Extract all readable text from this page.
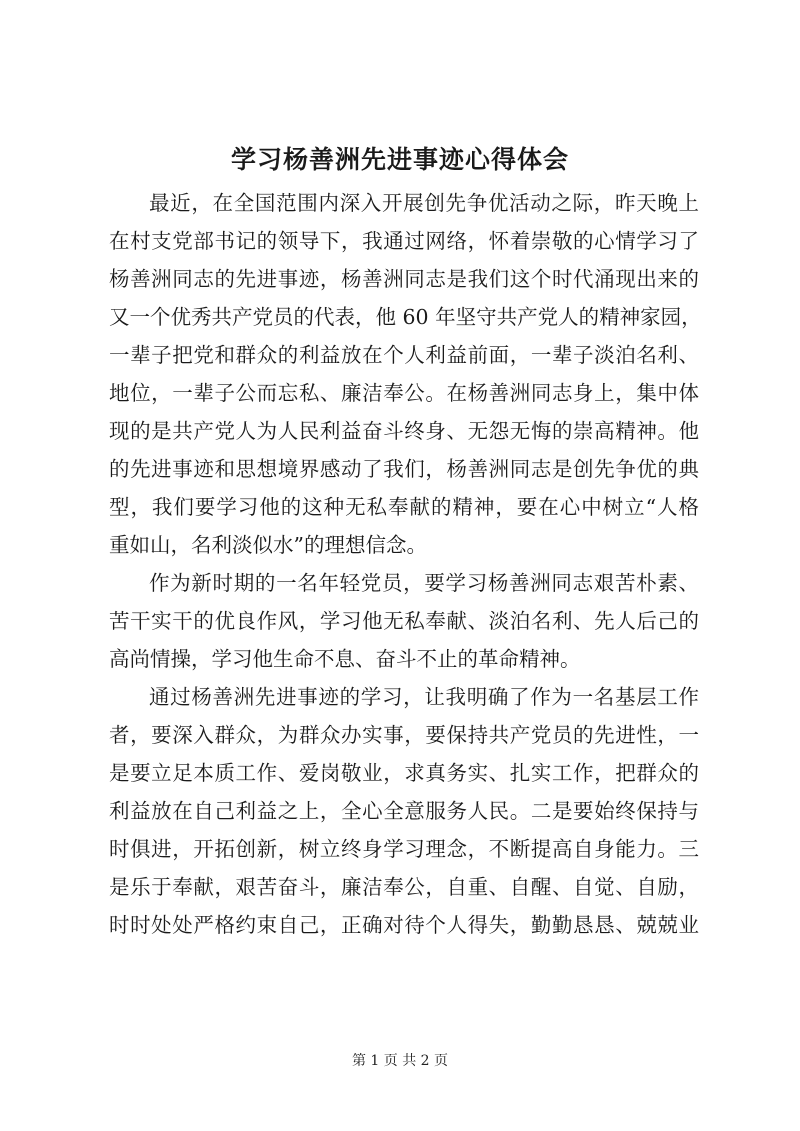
学习杨善洲先进事迹心得体会

最近，在全国范围内深入开展创先争优活动之际，昨天晚上

在村支党部书记的领导下，我通过网络，怀着崇敬的心情学习了

杨善洲同志的先进事迹，杨善洲同志是我们这个时代涌现出来的

又一个优秀共产党员的代表，他 60 年坚守共产党人的精神家园，

一辈子把党和群众的利益放在个人利益前面，一辈子淡泊名利、

地位，一辈子公而忘私、廉洁奉公。在杨善洲同志身上，集中体

现的是共产党人为人民利益奋斗终身、无怨无悔的崇高精神。他

的先进事迹和思想境界感动了我们，杨善洲同志是创先争优的典

型，我们要学习他的这种无私奉献的精神，要在心中树立“人格

重如山，名利淡似水”的理想信念。

作为新时期的一名年轻党员，要学习杨善洲同志艰苦朴素、

苦干实干的优良作风，学习他无私奉献、淡泊名利、先人后己的

高尚情操，学习他生命不息、奋斗不止的革命精神。

通过杨善洲先进事迹的学习，让我明确了作为一名基层工作

者，要深入群众，为群众办实事，要保持共产党员的先进性，一

是要立足本质工作、爱岗敬业，求真务实、扎实工作，把群众的

利益放在自己利益之上，全心全意服务人民。二是要始终保持与

时俱进，开拓创新，树立终身学习理念，不断提高自身能力。三

是乐于奉献，艰苦奋斗，廉洁奉公，自重、自醒、自觉、自励，

时时处处严格约束自己，正确对待个人得失，勤勤恳恳、兢兢业

第 1 页 共 2 页
